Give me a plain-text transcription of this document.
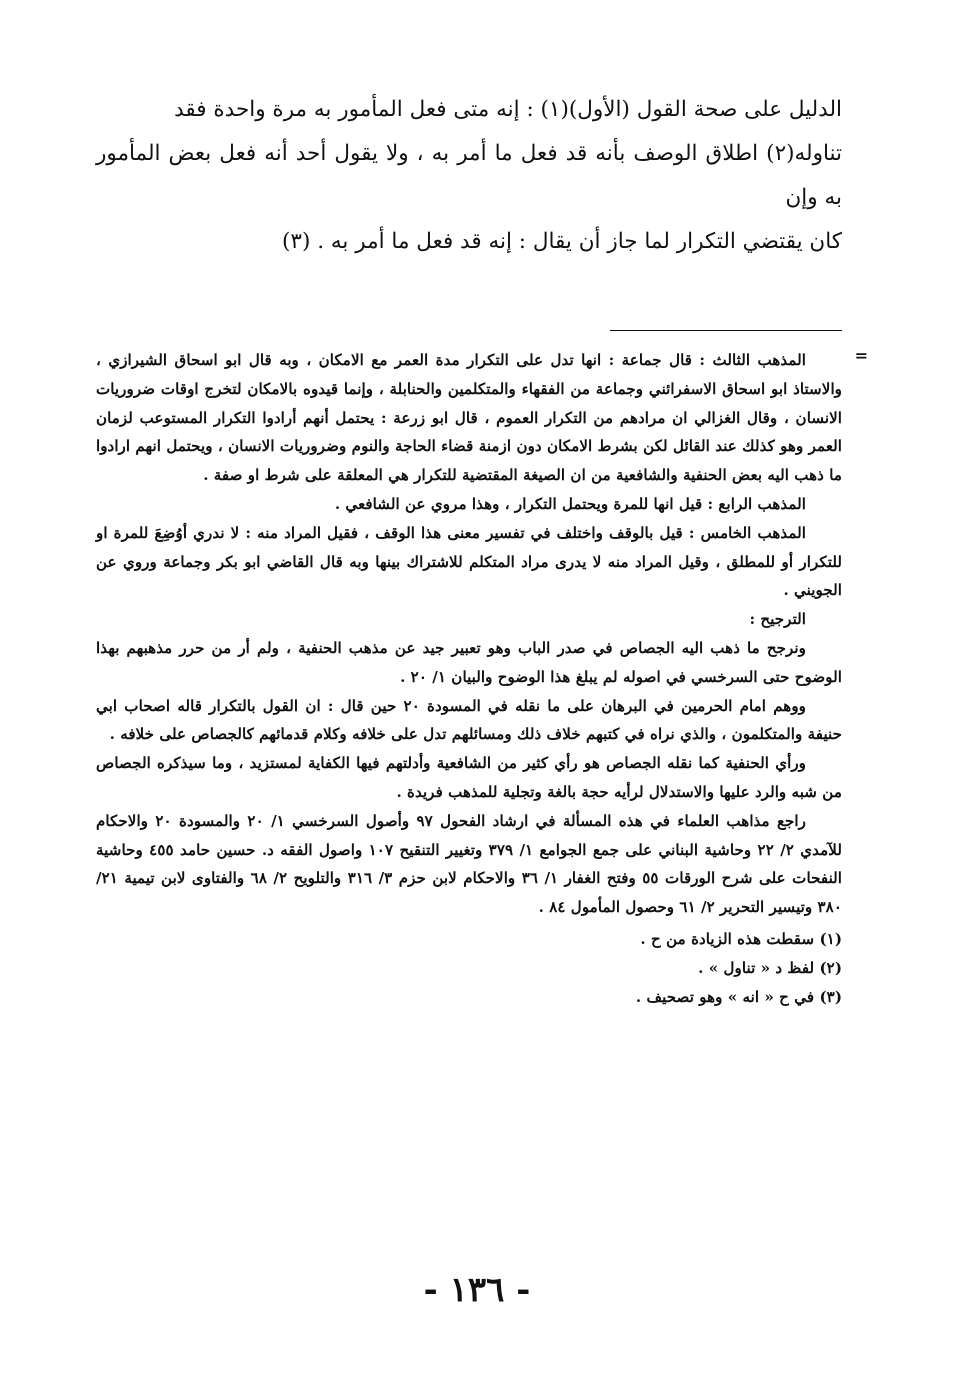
الدليل على صحة القول (الأول)(١) : إنه متى فعل المأمور به مرة واحدة فقد

تناوله(٢) اطلاق الوصف بأنه قد فعل ما أمر به ، ولا يقول أحد أنه فعل بعض المأمور به وإن

كان يقتضي التكرار لما جاز أن يقال : إنه قد فعل ما أمر به . (٣)

=

المذهب الثالث : قال جماعة : انها تدل على التكرار مدة العمر مع الامكان ، وبه قال ابو اسحاق الشيرازي ، والاستاذ ابو اسحاق الاسفرائني وجماعة من الفقهاء والمتكلمين والحنابلة ، وإنما قيدوه بالامكان لتخرج اوقات ضروريات الانسان ، وقال الغزالي ان مرادهم من التكرار العموم ، قال ابو زرعة : يحتمل أنهم أرادوا التكرار المستوعب لزمان العمر وهو كذلك عند القائل لكن بشرط الامكان دون ازمنة قضاء الحاجة والنوم وضروريات الانسان ، ويحتمل انهم ارادوا ما ذهب اليه بعض الحنفية والشافعية من ان الصيغة المقتضية للتكرار هي المعلقة على شرط او صفة .

المذهب الرابع : قيل انها للمرة ويحتمل التكرار ، وهذا مروي عن الشافعي .

المذهب الخامس : قيل بالوقف واختلف في تفسير معنى هذا الوقف ، فقيل المراد منه : لا ندري أوُضِعَ للمرة او للتكرار أو للمطلق ، وقيل المراد منه لا يدرى مراد المتكلم للاشتراك بينها وبه قال القاضي ابو بكر وجماعة وروي عن الجويني .

الترجيح :

ونرجح ما ذهب اليه الجصاص في صدر الباب وهو تعبير جيد عن مذهب الحنفية ، ولم أر من حرر مذهبهم بهذا الوضوح حتى السرخسي في اصوله لم يبلغ هذا الوضوح والبيان ١/ ٢٠ .

ووهم امام الحرمين في البرهان على ما نقله في المسودة ٢٠ حين قال : ان القول بالتكرار قاله اصحاب ابي حنيفة والمتكلمون ، والذي نراه في كتبهم خلاف ذلك ومسائلهم تدل على خلافه وكلام قدمائهم كالجصاص على خلافه .

ورأي الحنفية كما نقله الجصاص هو رأي كثير من الشافعية وأدلتهم فيها الكفاية لمستزيد ، وما سيذكره الجصاص من شبه والرد عليها والاستدلال لرأيه حجة بالغة وتجلية للمذهب فريدة .

راجع مذاهب العلماء في هذه المسألة في ارشاد الفحول ٩٧ وأصول السرخسي ١/ ٢٠ والمسودة ٢٠ والاحكام للآمدي ٢/ ٢٢ وحاشية البناني على جمع الجوامع ١/ ٣٧٩ وتغيير التنقيح ١٠٧ واصول الفقه د. حسين حامد ٤٥٥ وحاشية النفحات على شرح الورقات ٥٥ وفتح الغفار ١/ ٣٦ والاحكام لابن حزم ٣/ ٣١٦ والتلويح ٢/ ٦٨ والفتاوى لابن تيمية ٢١/ ٣٨٠ وتيسير التحرير ٢/ ٦١ وحصول المأمول ٨٤ .

(١) سقطت هذه الزيادة من ح .

(٢) لفظ د « تناول » .

(٣) في ح « انه » وهو تصحيف .

- ١٣٦ -
